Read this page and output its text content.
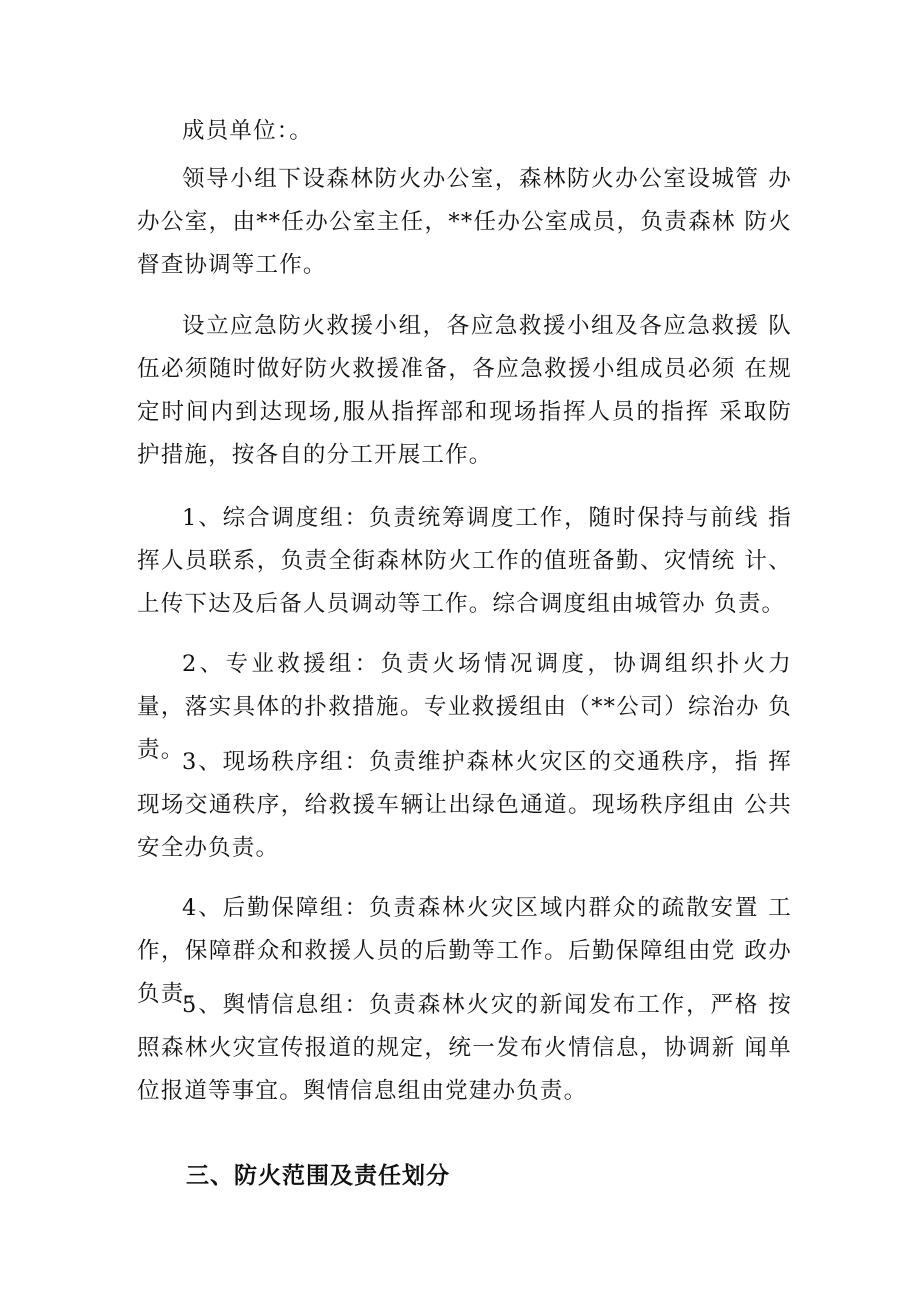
成员单位：。

领导小组下设森林防火办公室，森林防火办公室设城管 办办公室，由**任办公室主任，**任办公室成员，负责森林 防火督查协调等工作。

设立应急防火救援小组，各应急救援小组及各应急救援 队伍必须随时做好防火救援准备，各应急救援小组成员必须 在规定时间内到达现场,服从指挥部和现场指挥人员的指挥 采取防护措施，按各自的分工开展工作。

1、综合调度组：负责统筹调度工作，随时保持与前线 指挥人员联系，负责全街森林防火工作的值班备勤、灾情统 计、上传下达及后备人员调动等工作。综合调度组由城管办 负责。

2、专业救援组：负责火场情况调度，协调组织扑火力 量，落实具体的扑救措施。专业救援组由（**公司）综治办 负责。

3、现场秩序组：负责维护森林火灾区的交通秩序，指 挥现场交通秩序，给救援车辆让出绿色通道。现场秩序组由 公共安全办负责。

4、后勤保障组：负责森林火灾区域内群众的疏散安置 工作，保障群众和救援人员的后勤等工作。后勤保障组由党 政办负责。

5、舆情信息组：负责森林火灾的新闻发布工作，严格 按照森林火灾宣传报道的规定，统一发布火情信息，协调新 闻单位报道等事宜。舆情信息组由党建办负责。

三、防火范围及责任划分
